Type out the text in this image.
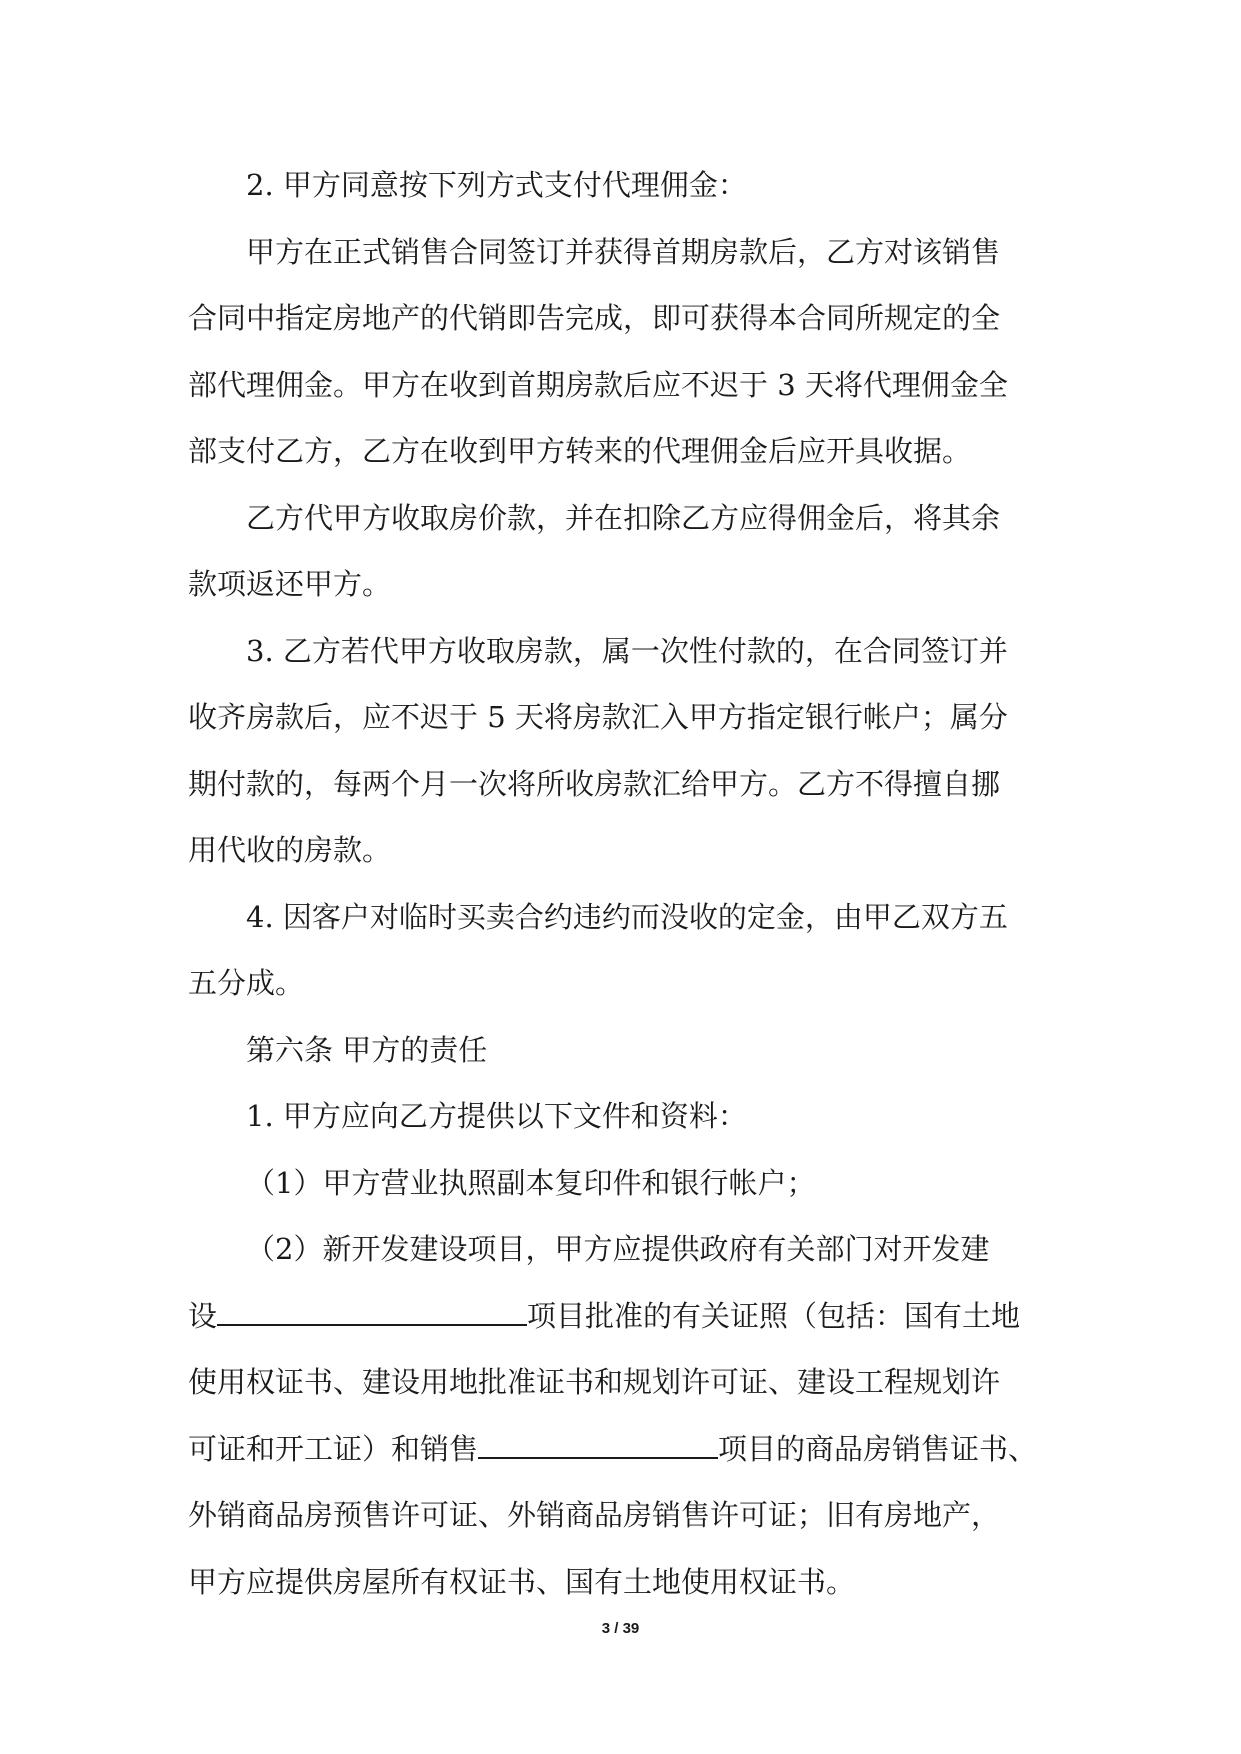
2. 甲方同意按下列方式支付代理佣金：
甲方在正式销售合同签订并获得首期房款后，乙方对该销售
合同中指定房地产的代销即告完成，即可获得本合同所规定的全
部代理佣金。甲方在收到首期房款后应不迟于 3 天将代理佣金全
部支付乙方，乙方在收到甲方转来的代理佣金后应开具收据。
乙方代甲方收取房价款，并在扣除乙方应得佣金后，将其余
款项返还甲方。
3. 乙方若代甲方收取房款，属一次性付款的，在合同签订并
收齐房款后，应不迟于 5 天将房款汇入甲方指定银行帐户；属分
期付款的，每两个月一次将所收房款汇给甲方。乙方不得擅自挪
用代收的房款。
4. 因客户对临时买卖合约违约而没收的定金，由甲乙双方五
五分成。
第六条 甲方的责任
1. 甲方应向乙方提供以下文件和资料：
（1）甲方营业执照副本复印件和银行帐户；
（2）新开发建设项目，甲方应提供政府有关部门对开发建
设	项目批准的有关证照（包括：国有土地
使用权证书、建设用地批准证书和规划许可证、建设工程规划许
可证和开工证）和销售	项目的商品房销售证书、
外销商品房预售许可证、外销商品房销售许可证；旧有房地产，
甲方应提供房屋所有权证书、国有土地使用权证书。
3 / 39
